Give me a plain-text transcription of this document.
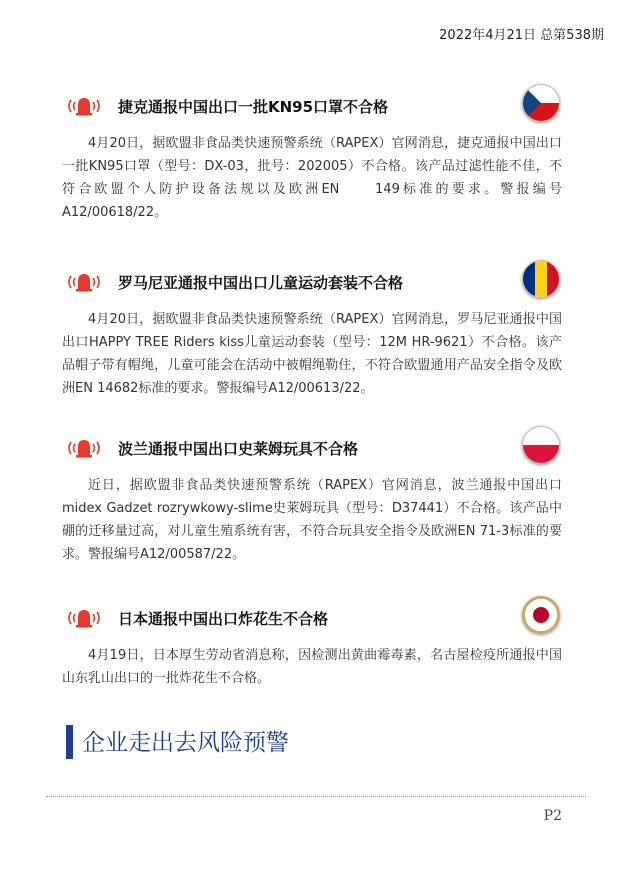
2022年4月21日 总第538期
捷克通报中国出口一批KN95口罩不合格
4月20日，据欧盟非食品类快速预警系统（RAPEX）官网消息，捷克通报中国出口一批KN95口罩（型号：DX-03，批号：202005）不合格。该产品过滤性能不佳，不符合欧盟个人防护设备法规以及欧洲EN　　149标准的要求。警报编号A12/00618/22。
罗马尼亚通报中国出口儿童运动套装不合格
4月20日，据欧盟非食品类快速预警系统（RAPEX）官网消息，罗马尼亚通报中国出口HAPPY TREE Riders kiss儿童运动套装（型号：12M HR-9621）不合格。该产品帽子带有帽绳，儿童可能会在活动中被帽绳勒住，不符合欧盟通用产品安全指令及欧洲EN 14682标准的要求。警报编号A12/00613/22。
波兰通报中国出口史莱姆玩具不合格
近日，据欧盟非食品类快速预警系统（RAPEX）官网消息，波兰通报中国出口midex Gadzet rozrywkowy-slime史莱姆玩具（型号：D37441）不合格。该产品中硼的迁移量过高，对儿童生殖系统有害，不符合玩具安全指令及欧洲EN 71-3标准的要求。警报编号A12/00587/22。
日本通报中国出口炸花生不合格
4月19日，日本厚生劳动省消息称，因检测出黄曲霉毒素，名古屋检疫所通报中国山东乳山出口的一批炸花生不合格。
企业走出去风险预警
P2
